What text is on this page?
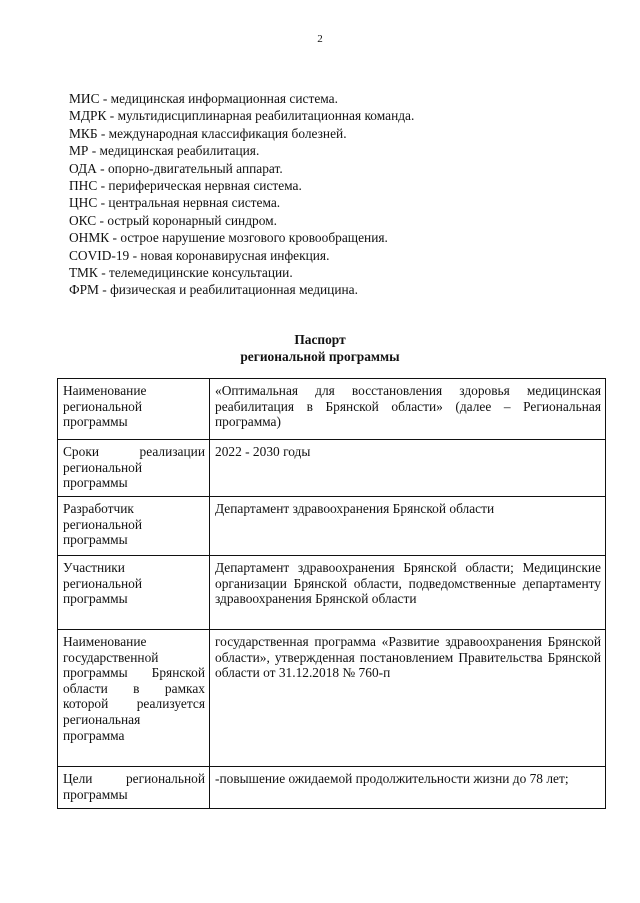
2
МИС - медицинская информационная система.
МДРК - мультидисциплинарная реабилитационная команда.
МКБ - международная классификация болезней.
МР - медицинская реабилитация.
ОДА - опорно-двигательный аппарат.
ПНС - периферическая нервная система.
ЦНС - центральная нервная система.
ОКС - острый коронарный синдром.
ОНМК - острое нарушение мозгового кровообращения.
COVID-19 - новая коронавирусная инфекция.
ТМК - телемедицинские консультации.
ФРМ - физическая и реабилитационная медицина.
Паспорт
региональной программы
Наименование региональной программы	«Оптимальная для восстановления здоровья медицинская реабилитация в Брянской области» (далее – Региональная программа)
Сроки реализации региональной программы	2022 - 2030 годы
Разработчик региональной программы	Департамент здравоохранения Брянской области
Участники региональной программы	Департамент здравоохранения Брянской области; Медицинские организации Брянской области, подведомственные департаменту здравоохранения Брянской области
Наименование государственной программы Брянской области в рамках которой реализуется региональная программа	государственная программа «Развитие здравоохранения Брянской области», утвержденная постановлением Правительства Брянской области от 31.12.2018 № 760-п
Цели региональной программы	-повышение ожидаемой продолжительности жизни до 78 лет;
